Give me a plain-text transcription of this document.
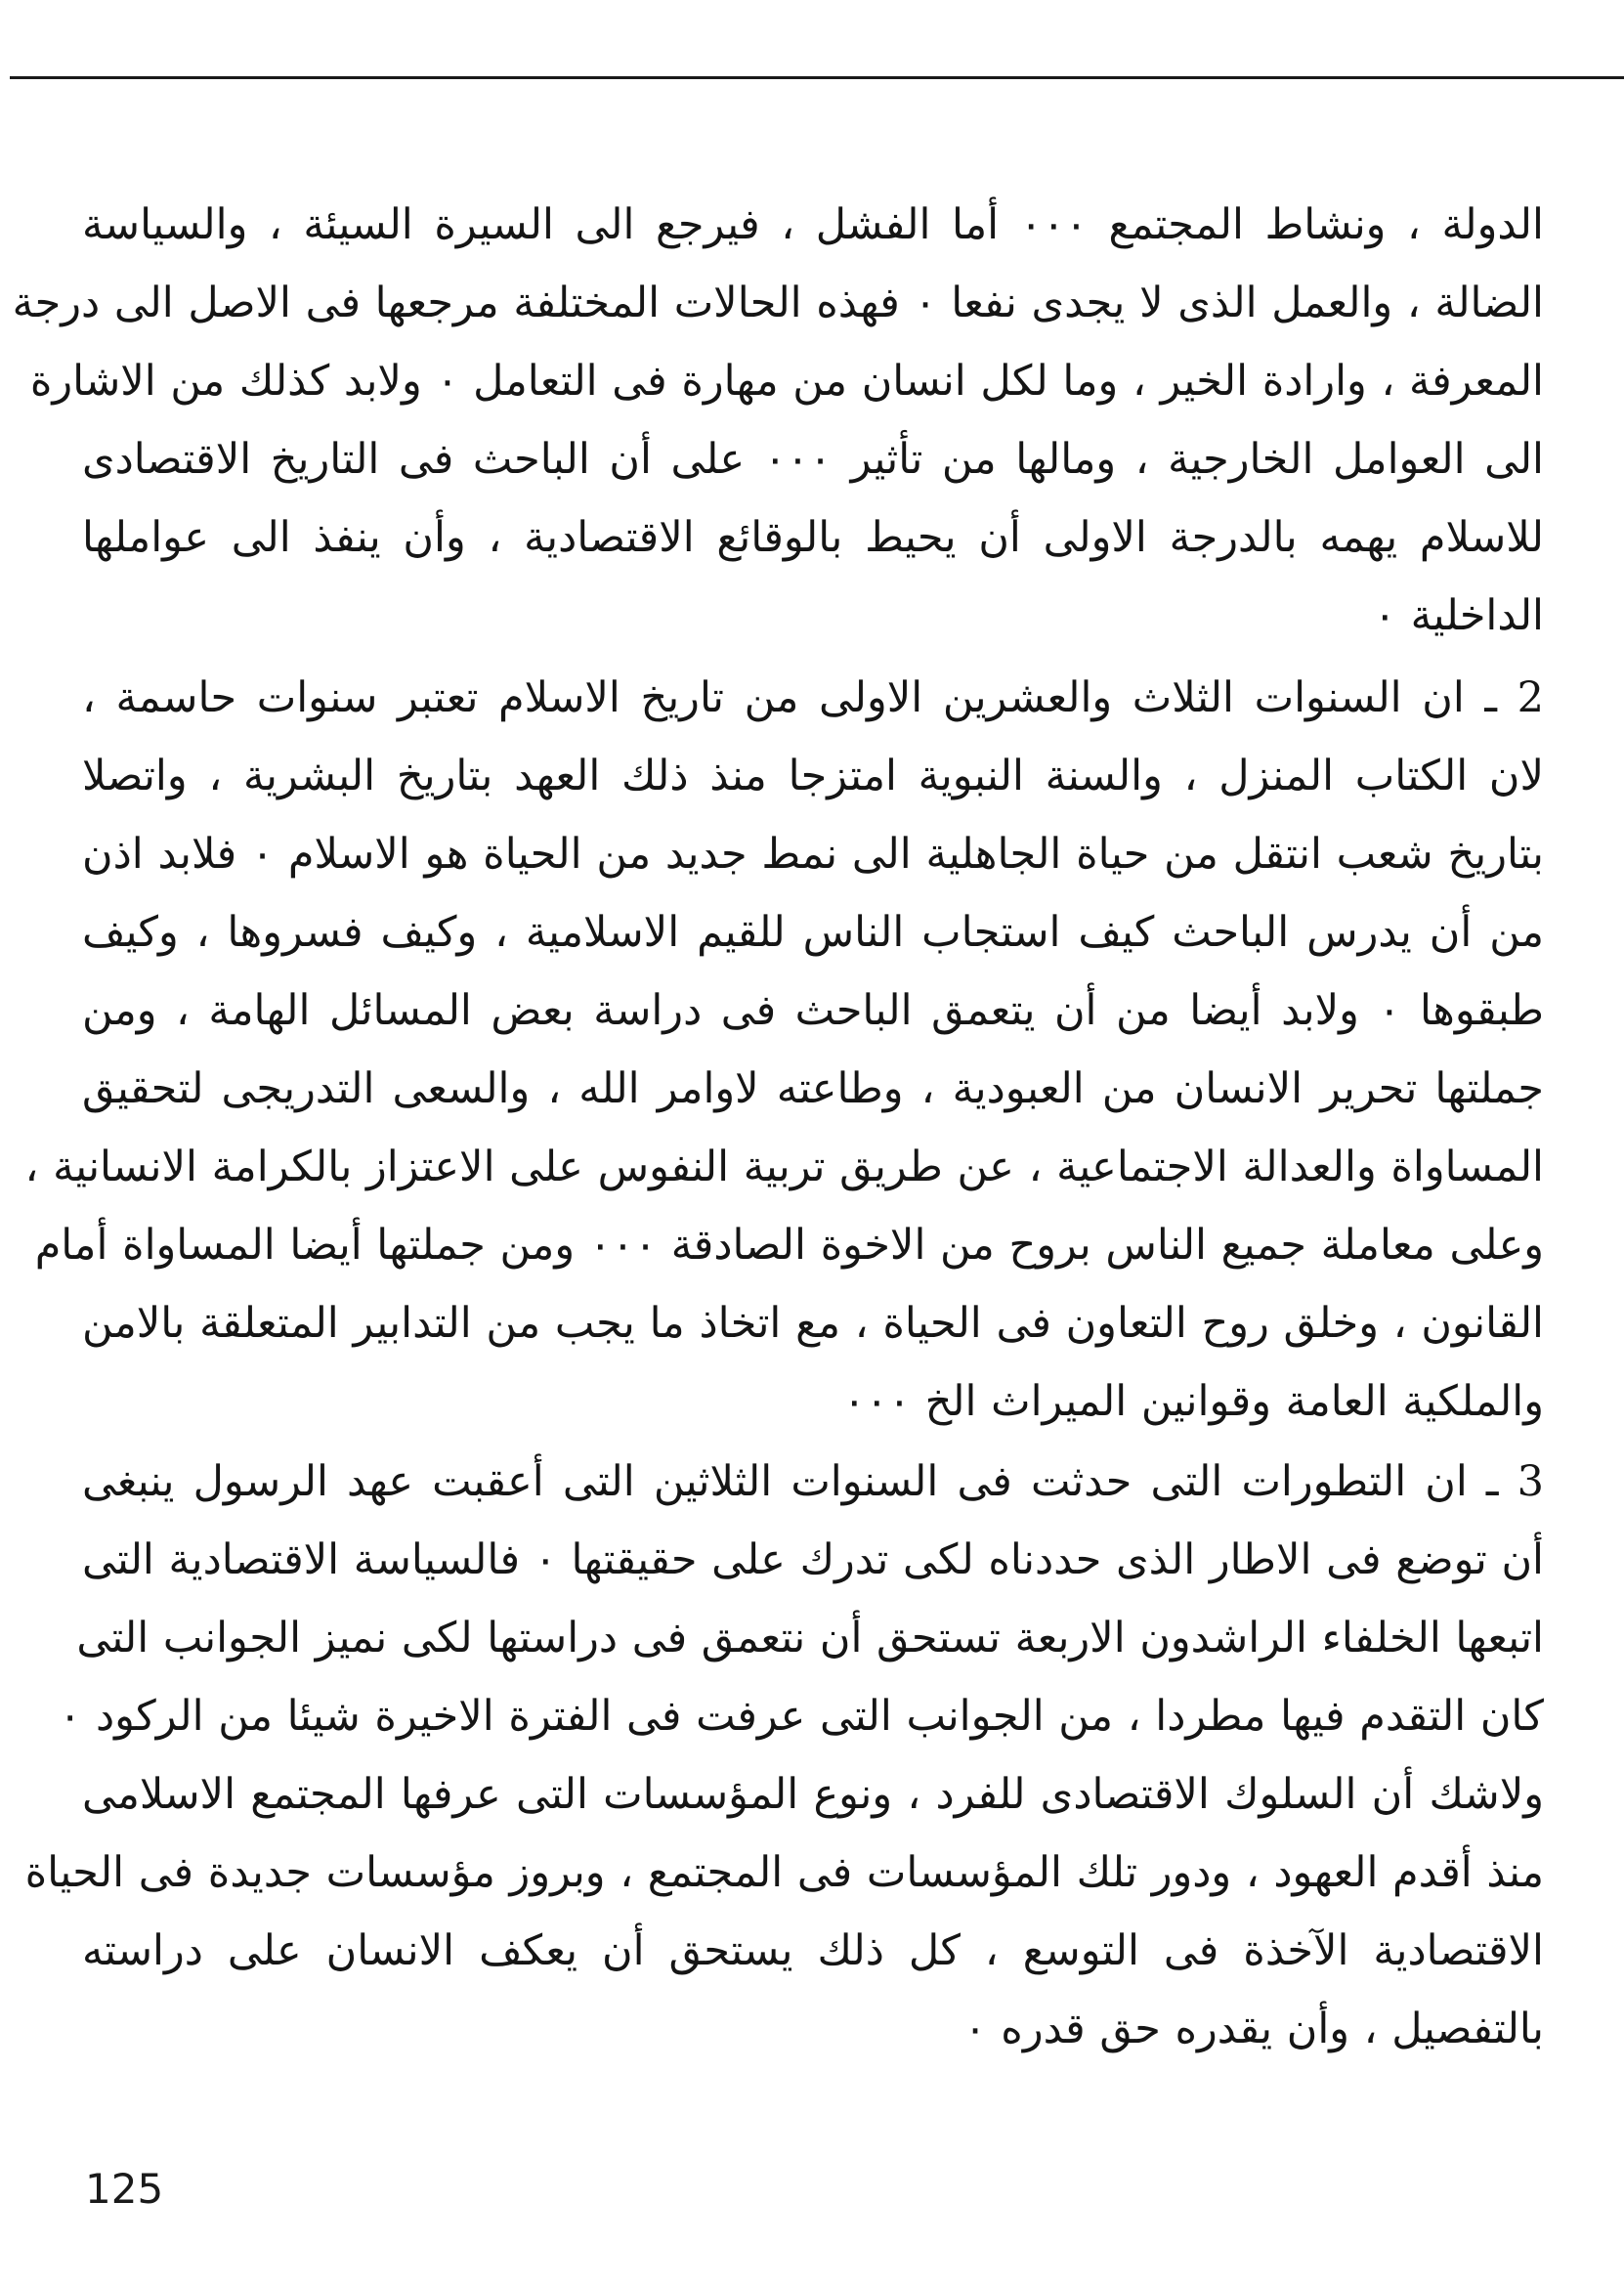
الدولة ، ونشاط المجتمع ٠٠٠ أما الفشل ، فيرجع الى السيرة السيئة ، والسياسة
الضالة ، والعمل الذى لا يجدى نفعا ٠ فهذه الحالات المختلفة مرجعها فى الاصل الى درجة
المعرفة ، وارادة الخير ، وما لكل انسان من مهارة فى التعامل ٠ ولابد كذلك من الاشارة
الى العوامل الخارجية ، ومالها من تأثير ٠٠٠ على أن الباحث فى التاريخ الاقتصادى
للاسلام يهمه بالدرجة الاولى أن يحيط بالوقائع الاقتصادية ، وأن ينفذ الى عواملها
الداخلية ٠
2 ـ ان السنوات الثلاث والعشرين الاولى من تاريخ الاسلام تعتبر سنوات حاسمة ،
لان الكتاب المنزل ، والسنة النبوية امتزجا منذ ذلك العهد بتاريخ البشرية ، واتصلا
بتاريخ شعب انتقل من حياة الجاهلية الى نمط جديد من الحياة هو الاسلام ٠ فلابد اذن
من أن يدرس الباحث كيف استجاب الناس للقيم الاسلامية ، وكيف فسروها ، وكيف
طبقوها ٠ ولابد أيضا من أن يتعمق الباحث فى دراسة بعض المسائل الهامة ، ومن
جملتها تحرير الانسان من العبودية ، وطاعته لاوامر الله ، والسعى التدريجى لتحقيق
المساواة والعدالة الاجتماعية ، عن طريق تربية النفوس على الاعتزاز بالكرامة الانسانية ،
وعلى معاملة جميع الناس بروح من الاخوة الصادقة ٠٠٠ ومن جملتها أيضا المساواة أمام
القانون ، وخلق روح التعاون فى الحياة ، مع اتخاذ ما يجب من التدابير المتعلقة بالامن
والملكية العامة وقوانين الميراث الخ ٠٠٠
3 ـ ان التطورات التى حدثت فى السنوات الثلاثين التى أعقبت عهد الرسول ينبغى
أن توضع فى الاطار الذى حددناه لكى تدرك على حقيقتها ٠ فالسياسة الاقتصادية التى
اتبعها الخلفاء الراشدون الاربعة تستحق أن نتعمق فى دراستها لكى نميز الجوانب التى
كان التقدم فيها مطردا ، من الجوانب التى عرفت فى الفترة الاخيرة شيئا من الركود ٠
ولاشك أن السلوك الاقتصادى للفرد ، ونوع المؤسسات التى عرفها المجتمع الاسلامى
منذ أقدم العهود ، ودور تلك المؤسسات فى المجتمع ، وبروز مؤسسات جديدة فى الحياة
الاقتصادية الآخذة فى التوسع ، كل ذلك يستحق أن يعكف الانسان على دراسته
بالتفصيل ، وأن يقدره حق قدره ٠
125
